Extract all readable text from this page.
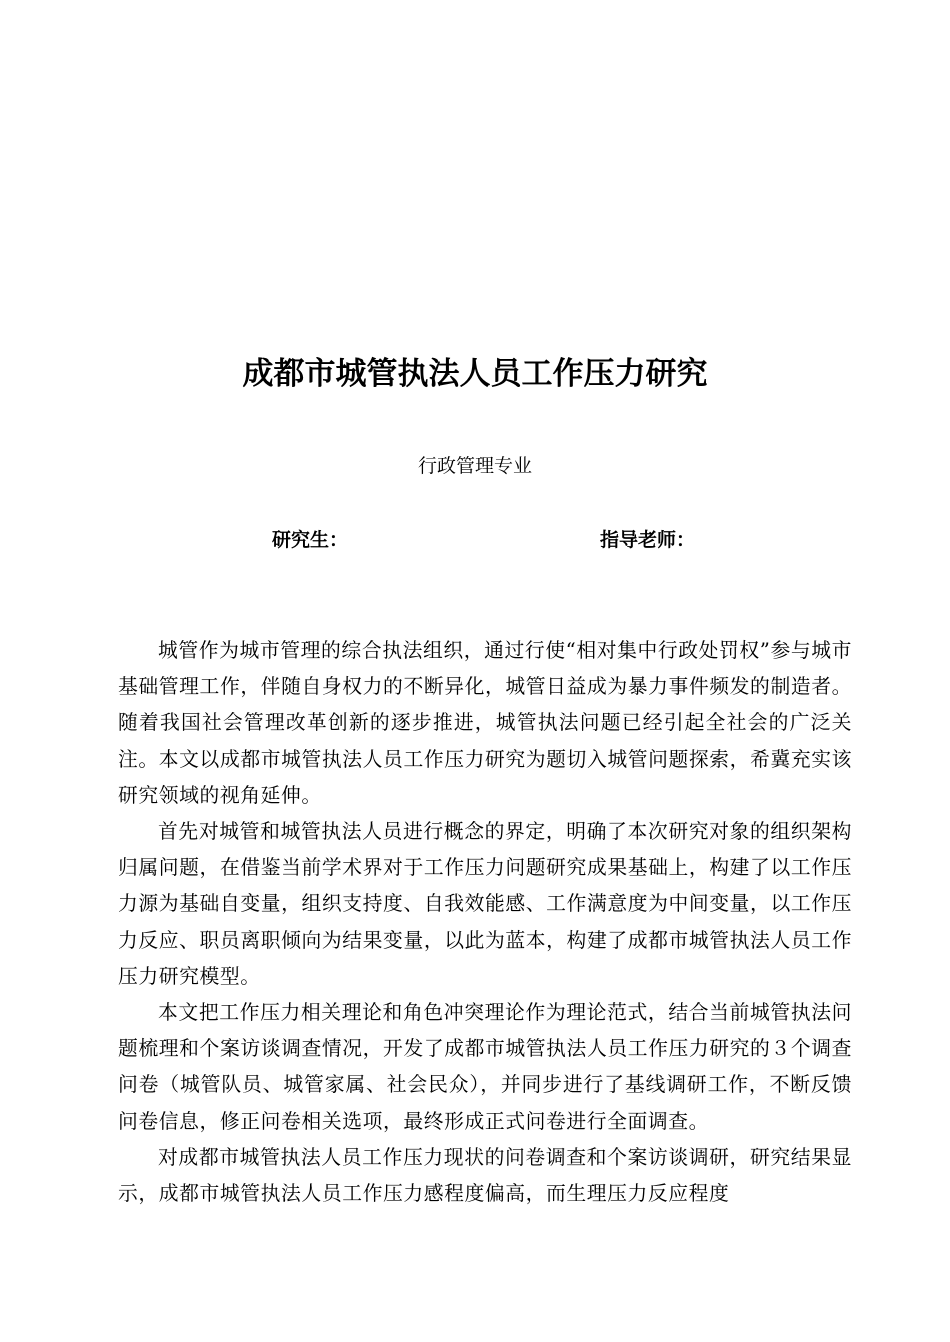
成都市城管执法人员工作压力研究

行政管理专业

研究生：	指导老师：

城管作为城市管理的综合执法组织，通过行使“相对集中行政处罚权”参与城市基础管理工作，伴随自身权力的不断异化，城管日益成为暴力事件频发的制造者。随着我国社会管理改革创新的逐步推进，城管执法问题已经引起全社会的广泛关注。本文以成都市城管执法人员工作压力研究为题切入城管问题探索，希冀充实该研究领域的视角延伸。

首先对城管和城管执法人员进行概念的界定，明确了本次研究对象的组织架构归属问题，在借鉴当前学术界对于工作压力问题研究成果基础上，构建了以工作压力源为基础自变量，组织支持度、自我效能感、工作满意度为中间变量，以工作压力反应、职员离职倾向为结果变量，以此为蓝本，构建了成都市城管执法人员工作压力研究模型。

本文把工作压力相关理论和角色冲突理论作为理论范式，结合当前城管执法问题梳理和个案访谈调查情况，开发了成都市城管执法人员工作压力研究的３个调查问卷（城管队员、城管家属、社会民众），并同步进行了基线调研工作，不断反馈问卷信息，修正问卷相关选项，最终形成正式问卷进行全面调查。

对成都市城管执法人员工作压力现状的问卷调查和个案访谈调研，研究结果显示，成都市城管执法人员工作压力感程度偏高，而生理压力反应程度
